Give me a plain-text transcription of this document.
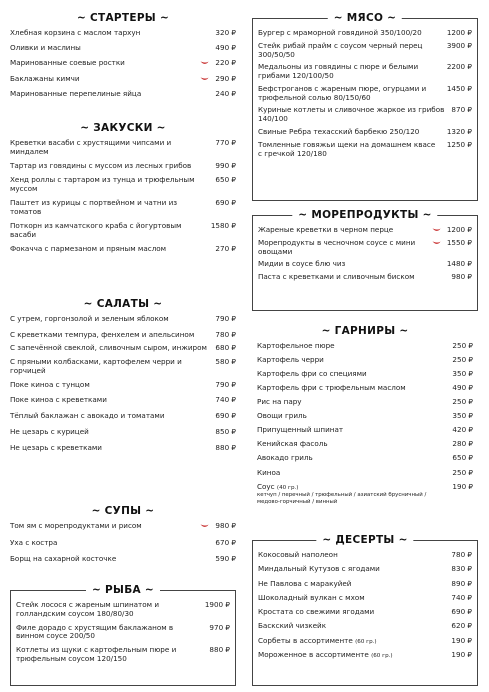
~ СТАРТЕРЫ ~
Хлебная корзина с маслом тархун	320 ₽
Оливки и маслины	490 ₽
Маринованные соевые ростки	220 ₽
Баклажаны кимчи	290 ₽
Маринованные перепелиные яйца	240 ₽
~ ЗАКУСКИ ~
Креветки васаби с хрустящими чипсами и миндалем
770 ₽
Тартар из говядины с муссом из лесных грибов	990 ₽
Хенд роллы с тартаром из тунца и трюфельным муссом
650 ₽
Паштет из курицы с портвейном и чатни из томатов
690 ₽
Поткорн из камчатского краба с йогуртовым васаби
1580 ₽
Фокачча с пармезаном и пряным маслом	270 ₽
~ САЛАТЫ ~
С утрем, горгонзолой и зеленым яблоком	790 ₽
С креветками темпура, фенхелем и апельсином	780 ₽
С запечённой свеклой, сливочным сыром, инжиром	680 ₽
С пряными колбасками, картофелем черри и горчицей
580 ₽
Поке киноа с тунцом	790 ₽
Поке киноа с креветками	740 ₽
Тёплый баклажан с авокадо и томатами	690 ₽
Не цезарь с курицей	850 ₽
Не цезарь с креветками	880 ₽
~ СУПЫ ~
Том ям с морепродуктами и рисом	980 ₽
Уха с костра	670 ₽
Борщ на сахарной косточке	590 ₽
~ РЫБА ~
Стейк лосося с жареным шпинатом и голландским соусом 180/80/30
1900 ₽
Филе дорадо с хрустящим баклажаном в винном соусе 200/50
970 ₽
Котлеты из щуки с картофельным пюре и трюфельным соусом 120/150
880 ₽
~ МЯСО ~
Бургер с мраморной говядиной 350/100/20	1200 ₽
Стейк рибай прайм с соусом черный перец 300/50/50
3900 ₽
Медальоны из говядины с пюре и белыми грибами 120/100/50
2200 ₽
Бефстроганов с жареным пюре, огурцами и трюфельной солью 80/150/60
1450 ₽
Куриные котлеты и сливочное жаркое из грибов 140/100
870 ₽
Свиные Ребра техасский барбекю 250/120	1320 ₽
Томленные говяжьи щеки на домашнем квасе с гречкой 120/180
1250 ₽
~ МОРЕПРОДУКТЫ ~
Жареные креветки в черном перце	1200 ₽
Морепродукты в чесночном соусе с мини овощами
1550 ₽
Мидии в соусе блю чиз	1480 ₽
Паста с креветками и сливочным биском	980 ₽
~ ГАРНИРЫ ~
Картофельное пюре	250 ₽
Картофель черри	250 ₽
Картофель фри со специями	350 ₽
Картофель фри с трюфельным маслом	490 ₽
Рис на пару	250 ₽
Овощи гриль	350 ₽
Припущенный шпинат	420 ₽
Кенийская фасоль	280 ₽
Авокадо гриль	650 ₽
Киноа	250 ₽
Соус (40 гр.)
кетчуп / перечный / трюфельный / азиатский брусничный / медово-горчичный / винный
190 ₽
~ ДЕСЕРТЫ ~
Кокосовый наполеон	780 ₽
Миндальный Кутузов с ягодами	830 ₽
Не Павлова с маракуйей	890 ₽
Шоколадный вулкан с мхом	740 ₽
Кростата со свежими ягодами	690 ₽
Баскский чизкейк	620 ₽
Сорбеты в ассортименте (60 гр.)	190 ₽
Мороженное в ассортименте (60 гр.)	190 ₽
